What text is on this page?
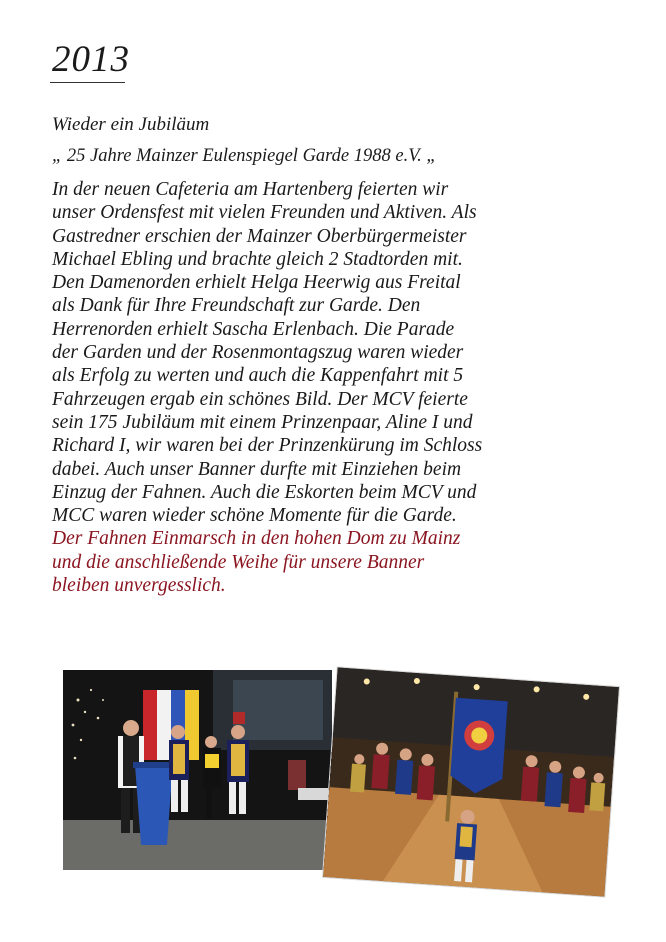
2013
Wieder ein Jubiläum
„ 25 Jahre Mainzer Eulenspiegel Garde 1988 e.V. „
In der neuen Cafeteria am Hartenberg feierten wir
unser Ordensfest mit vielen Freunden und Aktiven. Als
Gastredner erschien der Mainzer Oberbürgermeister
Michael Ebling und brachte gleich 2 Stadtorden mit.
Den Damenorden erhielt Helga Heerwig aus Freital
als Dank für Ihre Freundschaft zur Garde. Den
Herrenorden erhielt Sascha Erlenbach. Die Parade
der Garden und der Rosenmontagszug waren wieder
als Erfolg zu werten und auch die Kappenfahrt mit 5
Fahrzeugen ergab ein schönes Bild. Der MCV feierte
sein 175 Jubiläum mit einem Prinzenpaar, Aline I und
Richard I, wir waren bei der Prinzenkürung im Schloss
dabei. Auch unser Banner durfte mit Einziehen beim
Einzug der Fahnen. Auch die Eskorten beim MCV und
MCC waren wieder schöne Momente für die Garde.
Der Fahnen Einmarsch in den hohen Dom zu Mainz
und die anschließende Weihe für unsere Banner
bleiben unvergesslich.
